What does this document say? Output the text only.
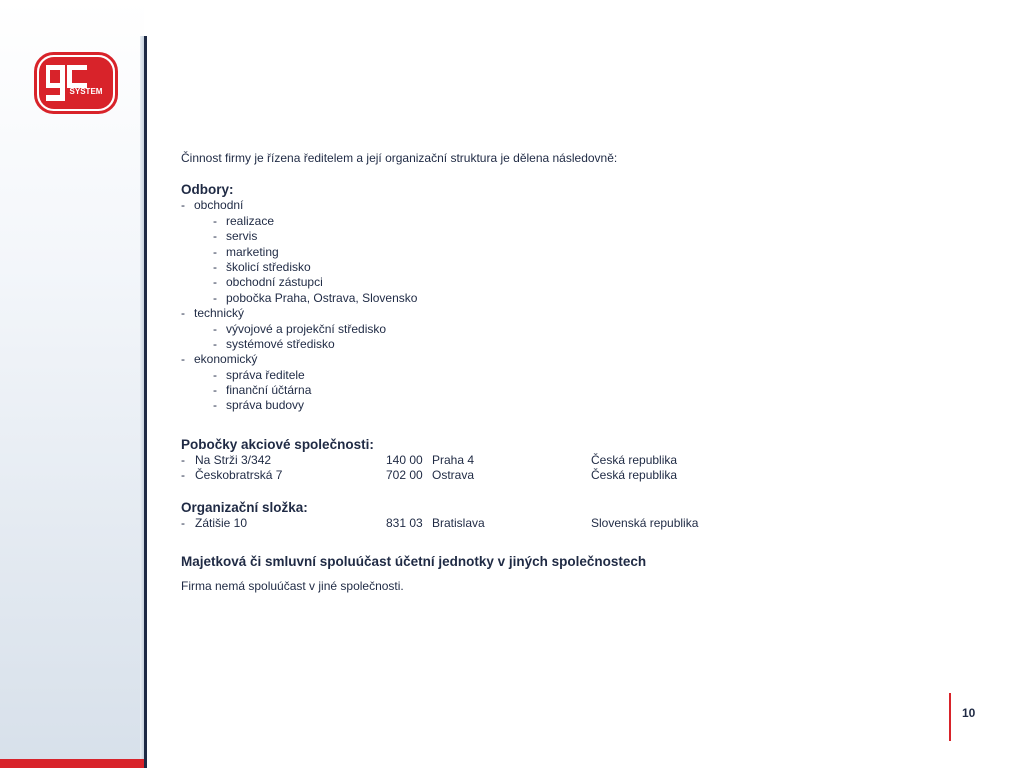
SYSTEM

Činnost firmy je řízena ředitelem a její organizační struktura je dělena následovně:

Odbory:

- obchodní
- realizace
- servis
- marketing
- školicí středisko
- obchodní zástupci
- pobočka Praha, Ostrava, Slovensko
- technický
- vývojové a projekční středisko
- systémové středisko
- ekonomický
- správa ředitele
- finanční účtárna
- správa budovy

Pobočky akciové společnosti:

- Na Strži 3/342	140 00 Praha 4	Česká republika
- Českobratrská 7	702 00 Ostrava	Česká republika

Organizační složka:

- Zátišie 10	831 03 Bratislava	Slovenská republika

Majetková či smluvní spoluúčast účetní jednotky v jiných společnostech

Firma nemá spoluúčast v jiné společnosti.

10
